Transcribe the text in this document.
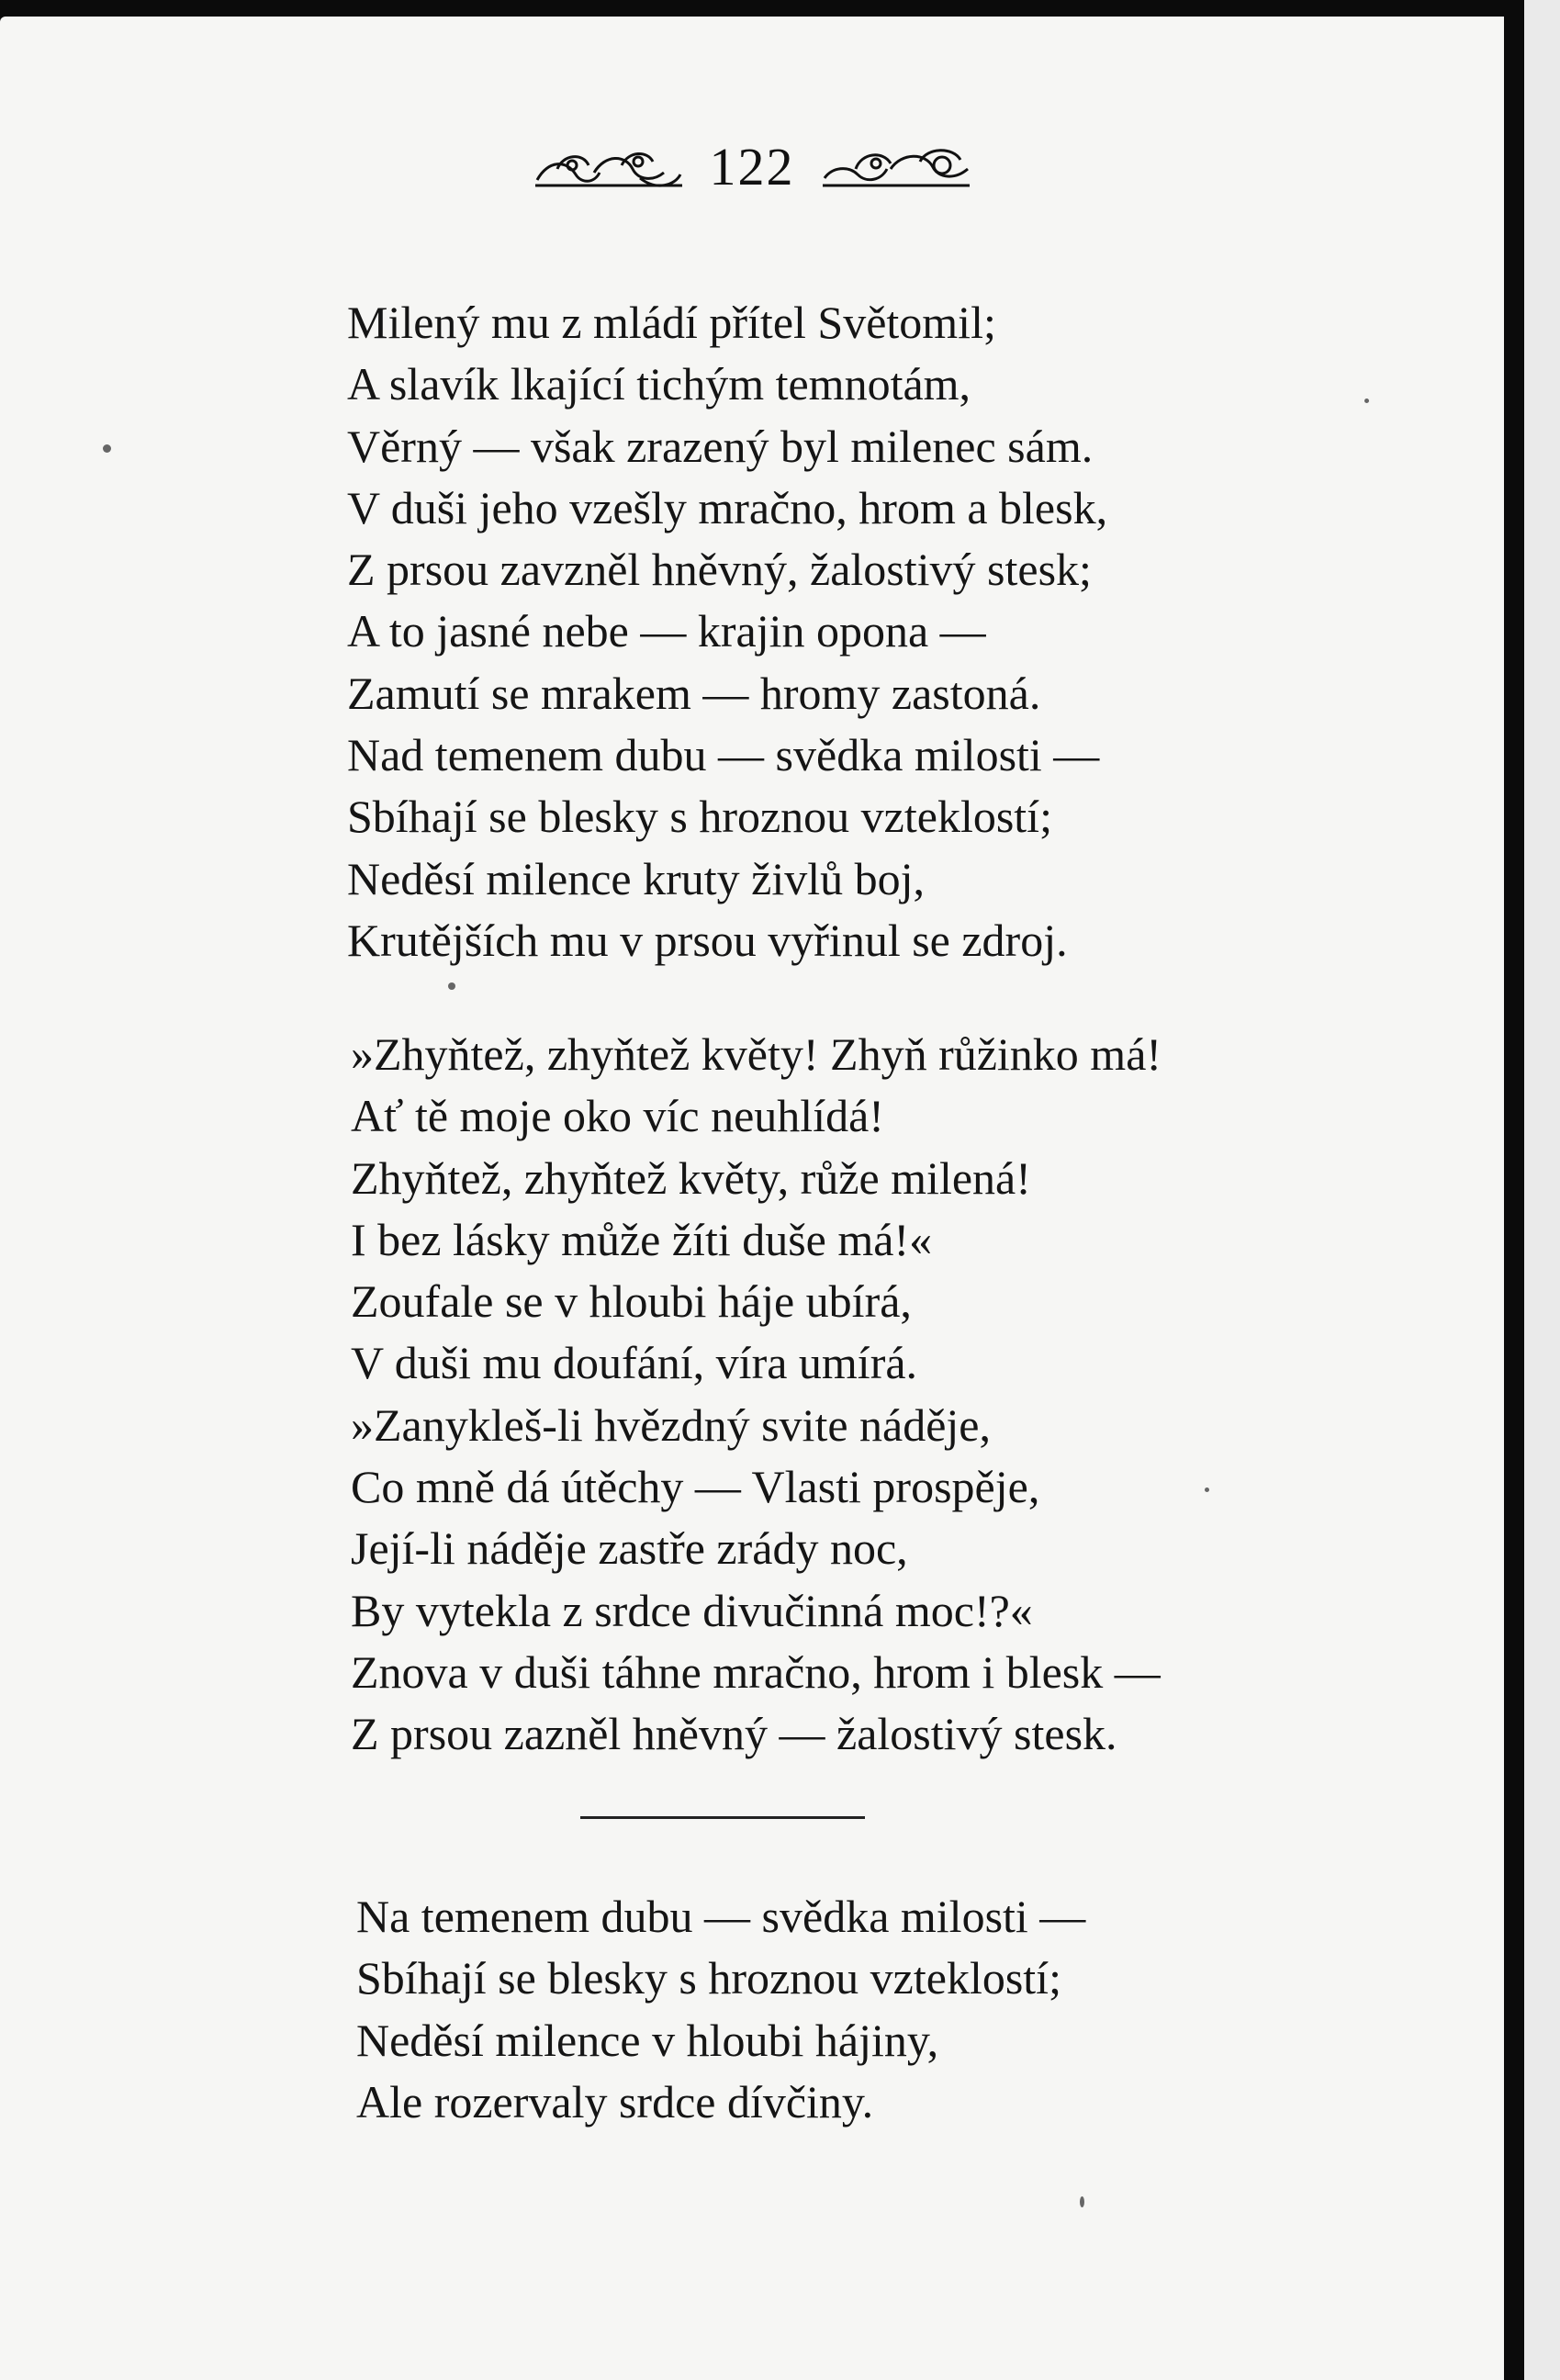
122
Milený mu z mládí přítel Světomil;
A slavík lkající tichým temnotám,
Věrný — však zrazený byl milenec sám.
V duši jeho vzešly mračno, hrom a blesk,
Z prsou zavzněl hněvný, žalostivý stesk;
A to jasné nebe — krajin opona —
Zamutí se mrakem — hromy zastoná.
Nad temenem dubu — svědka milosti —
Sbíhají se blesky s hroznou vzteklostí;
Neděsí milence kruty živlů boj,
Krutějších mu v prsou vyřinul se zdroj.
»Zhyňtež, zhyňtež květy! Zhyň růžinko má!
Ať tě moje oko víc neuhlídá!
Zhyňtež, zhyňtež květy, růže milená!
I bez lásky může žíti duše má!«
Zoufale se v hloubi háje ubírá,
V duši mu doufání, víra umírá.
»Zanykleš-li hvězdný svite náděje,
Co mně dá útěchy — Vlasti prospěje,
Její-li náděje zastře zrády noc,
By vytekla z srdce divučinná moc!?«
Znova v duši táhne mračno, hrom i blesk —
Z prsou zazněl hněvný — žalostivý stesk.
Na temenem dubu — svědka milosti —
Sbíhají se blesky s hroznou vzteklostí;
Neděsí milence v hloubi hájiny,
Ale rozervaly srdce dívčiny.
